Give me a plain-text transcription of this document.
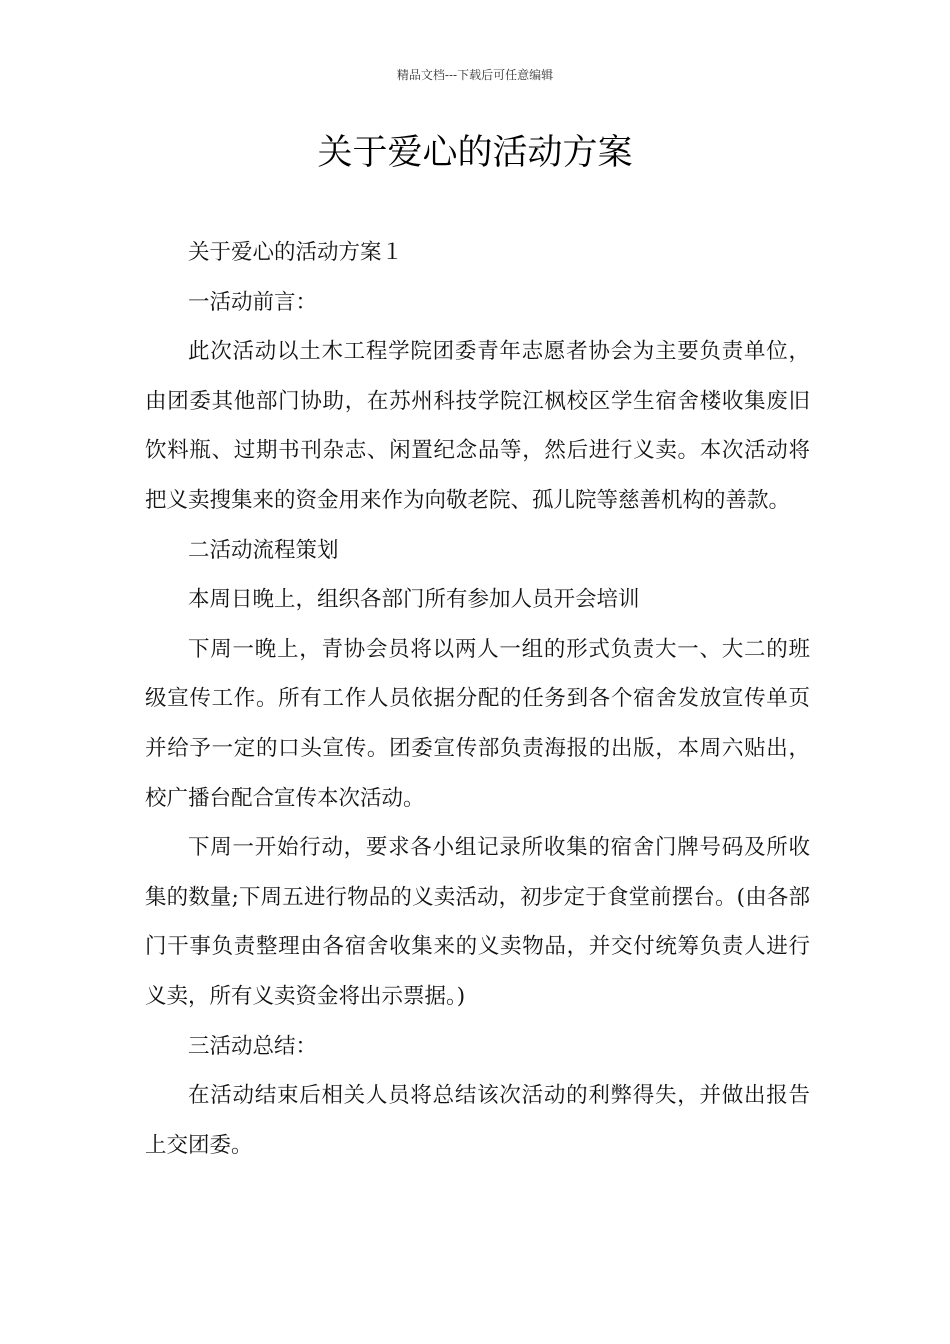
精品文档---下载后可任意编辑
关于爱心的活动方案

关于爱心的活动方案１

一活动前言：

此次活动以土木工程学院团委青年志愿者协会为主要负责单位，由团委其他部门协助，在苏州科技学院江枫校区学生宿舍楼收集废旧饮料瓶、过期书刊杂志、闲置纪念品等，然后进行义卖。本次活动将把义卖搜集来的资金用来作为向敬老院、孤儿院等慈善机构的善款。

二活动流程策划

本周日晚上，组织各部门所有参加人员开会培训

下周一晚上，青协会员将以两人一组的形式负责大一、大二的班级宣传工作。所有工作人员依据分配的任务到各个宿舍发放宣传单页并给予一定的口头宣传。团委宣传部负责海报的出版，本周六贴出，校广播台配合宣传本次活动。

下周一开始行动，要求各小组记录所收集的宿舍门牌号码及所收集的数量;下周五进行物品的义卖活动，初步定于食堂前摆台。(由各部门干事负责整理由各宿舍收集来的义卖物品，并交付统筹负责人进行义卖，所有义卖资金将出示票据。)

三活动总结：

在活动结束后相关人员将总结该次活动的利弊得失，并做出报告上交团委。
